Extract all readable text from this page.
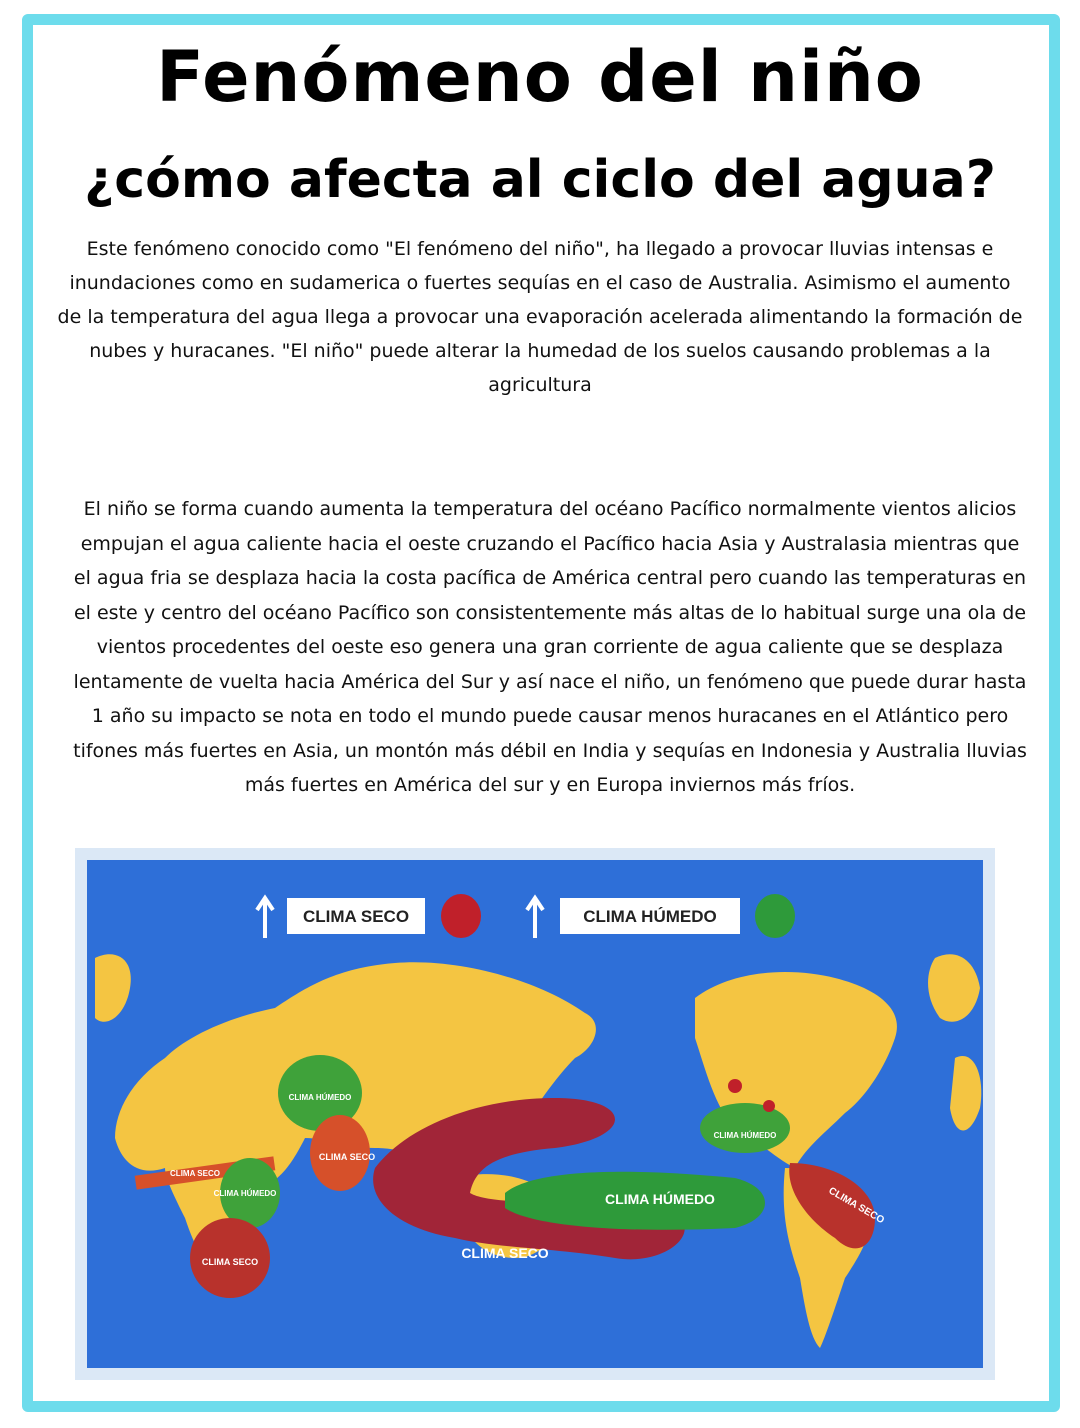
Fenómeno del niño
¿cómo afecta al ciclo del agua?
Este fenómeno conocido como "El fenómeno del niño", ha llegado a provocar lluvias intensas e inundaciones como en sudamerica o fuertes sequías en el caso de Australia. Asimismo el aumento de la temperatura del agua llega a provocar una evaporación acelerada alimentando la formación de nubes y huracanes. "El niño" puede alterar la humedad de los suelos causando problemas a la agricultura
El niño se forma cuando aumenta la temperatura del océano Pacífico normalmente vientos alicios empujan el agua caliente hacia el oeste cruzando el Pacífico hacia Asia y Australasia mientras que el agua fria se desplaza hacia la costa pacífica de América central pero cuando las temperaturas en el este y centro del océano Pacífico son consistentemente más altas de lo habitual surge una ola de vientos procedentes del oeste eso genera una gran corriente de agua caliente que se desplaza lentamente de vuelta hacia América del Sur y así nace el niño, un fenómeno que puede durar hasta 1 año su impacto se nota en todo el mundo puede causar menos huracanes en el Atlántico pero tifones más fuertes en Asia, un montón más débil en India y sequías en Indonesia y Australia lluvias más fuertes en América del sur y en Europa inviernos más fríos.
CLIMA SECO	CLIMA HÚMEDO
CLIMA HÚMEDO
CLIMA SECO
CLIMA SECO
CLIMA HÚMEDO
CLIMA SECO
CLIMA SECO
CLIMA HÚMEDO
CLIMA HÚMEDO
CLIMA SECO
